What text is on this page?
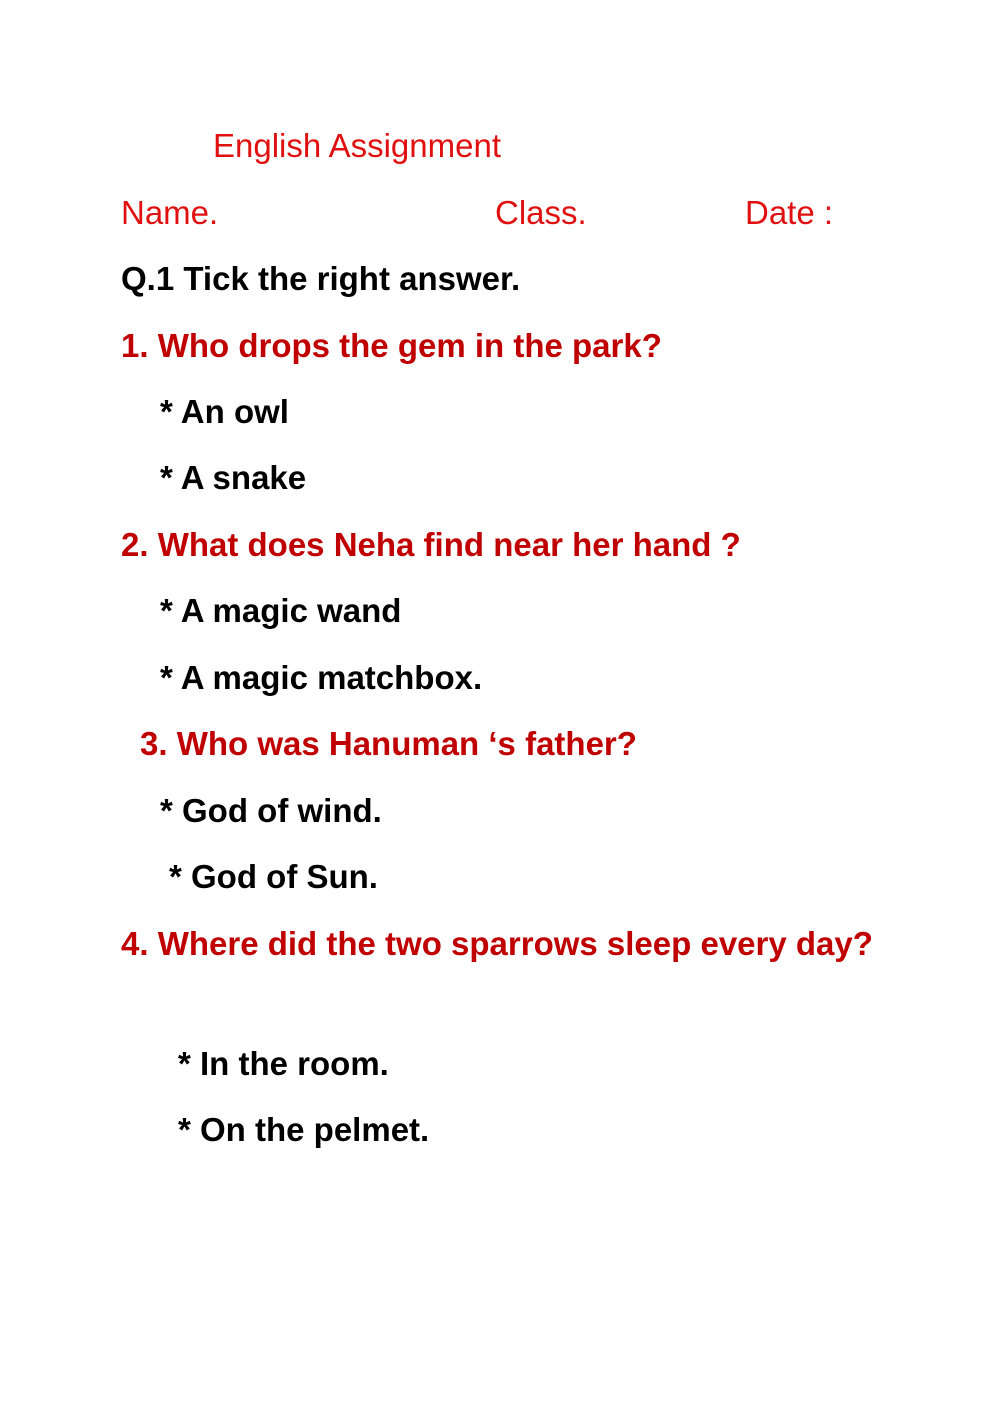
English Assignment
Name.	Class.	Date :
Q.1 Tick the right answer.
1. Who drops the gem in the park?
* An owl
* A snake
2. What does Neha find near her hand ?
* A magic wand
* A magic matchbox.
3. Who was Hanuman ‘s father?
* God of wind.
* God of Sun.
4. Where did the two sparrows sleep every day?
* In the room.
* On the pelmet.
